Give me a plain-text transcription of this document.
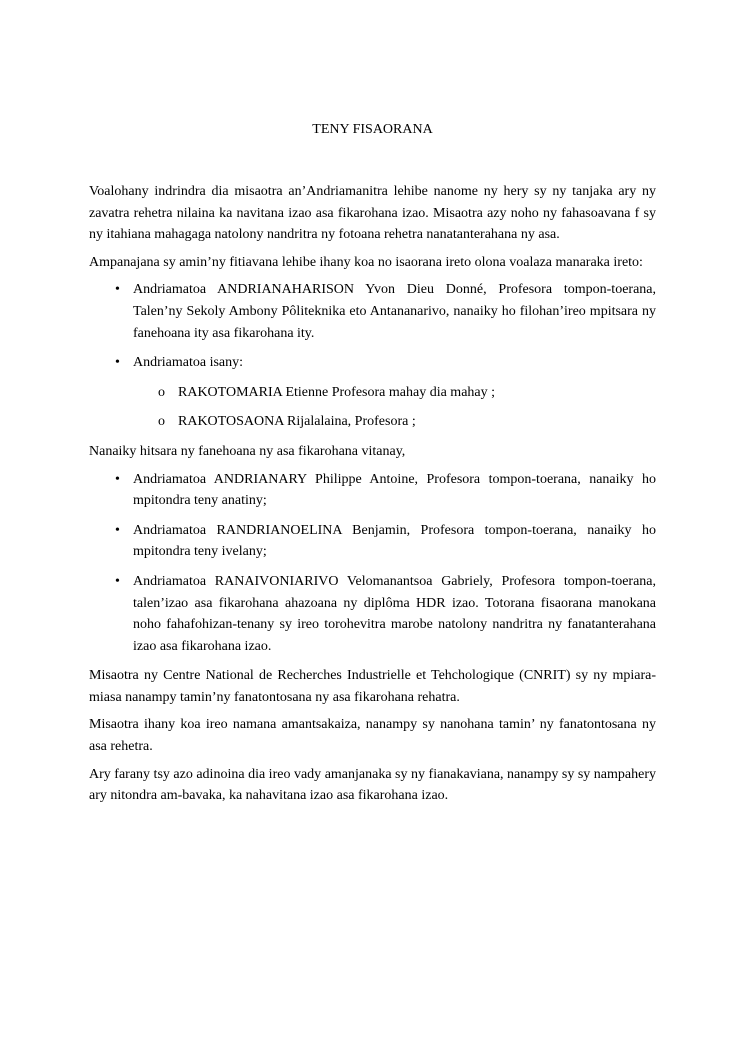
TENY FISAORANA

Voalohany indrindra dia misaotra an’Andriamanitra lehibe nanome ny hery sy ny tanjaka ary ny zavatra rehetra nilaina ka navitana izao asa fikarohana izao. Misaotra azy noho ny fahasoavana f sy ny itahiana mahagaga natolony nandritra ny fotoana rehetra nanatanterahana ny asa.

Ampanajana sy amin’ny fitiavana lehibe ihany koa no isaorana ireto olona voalaza manaraka ireto:

• Andriamatoa ANDRIANAHARISON Yvon Dieu Donné, Profesora tompon-toerana, Talen’ny Sekoly Ambony Pôliteknika eto Antananarivo, nanaiky ho filohan’ireo mpitsara ny fanehoana ity asa fikarohana ity.
• Andriamatoa isany:
o RAKOTOMARIA Etienne Profesora mahay dia mahay ;
o RAKOTOSAONA Rijalalaina, Profesora ;

Nanaiky hitsara ny fanehoana ny asa fikarohana vitanay,

• Andriamatoa ANDRIANARY Philippe Antoine, Profesora tompon-toerana, nanaiky ho mpitondra teny anatiny;
• Andriamatoa RANDRIANOELINA Benjamin, Profesora tompon-toerana, nanaiky ho mpitondra teny ivelany;
• Andriamatoa RANAIVONIARIVO Velomanantsoa Gabriely, Profesora tompon-toerana, talen’izao asa fikarohana ahazoana ny diplôma HDR izao. Totorana fisaorana manokana noho fahafohizan-tenany sy ireo torohevitra marobe natolony nandritra ny fanatanterahana izao asa fikarohana izao.

Misaotra ny Centre National de Recherches Industrielle et Tehchologique (CNRIT) sy ny mpiara-miasa nanampy tamin’ny fanatontosana ny asa fikarohana rehatra.

Misaotra ihany koa ireo namana amantsakaiza, nanampy sy nanohana tamin’ ny fanatontosana ny asa rehetra.

Ary farany tsy azo adinoina dia ireo vady amanjanaka sy ny fianakaviana, nanampy sy sy nampahery ary nitondra am-bavaka, ka nahavitana izao asa fikarohana izao.
